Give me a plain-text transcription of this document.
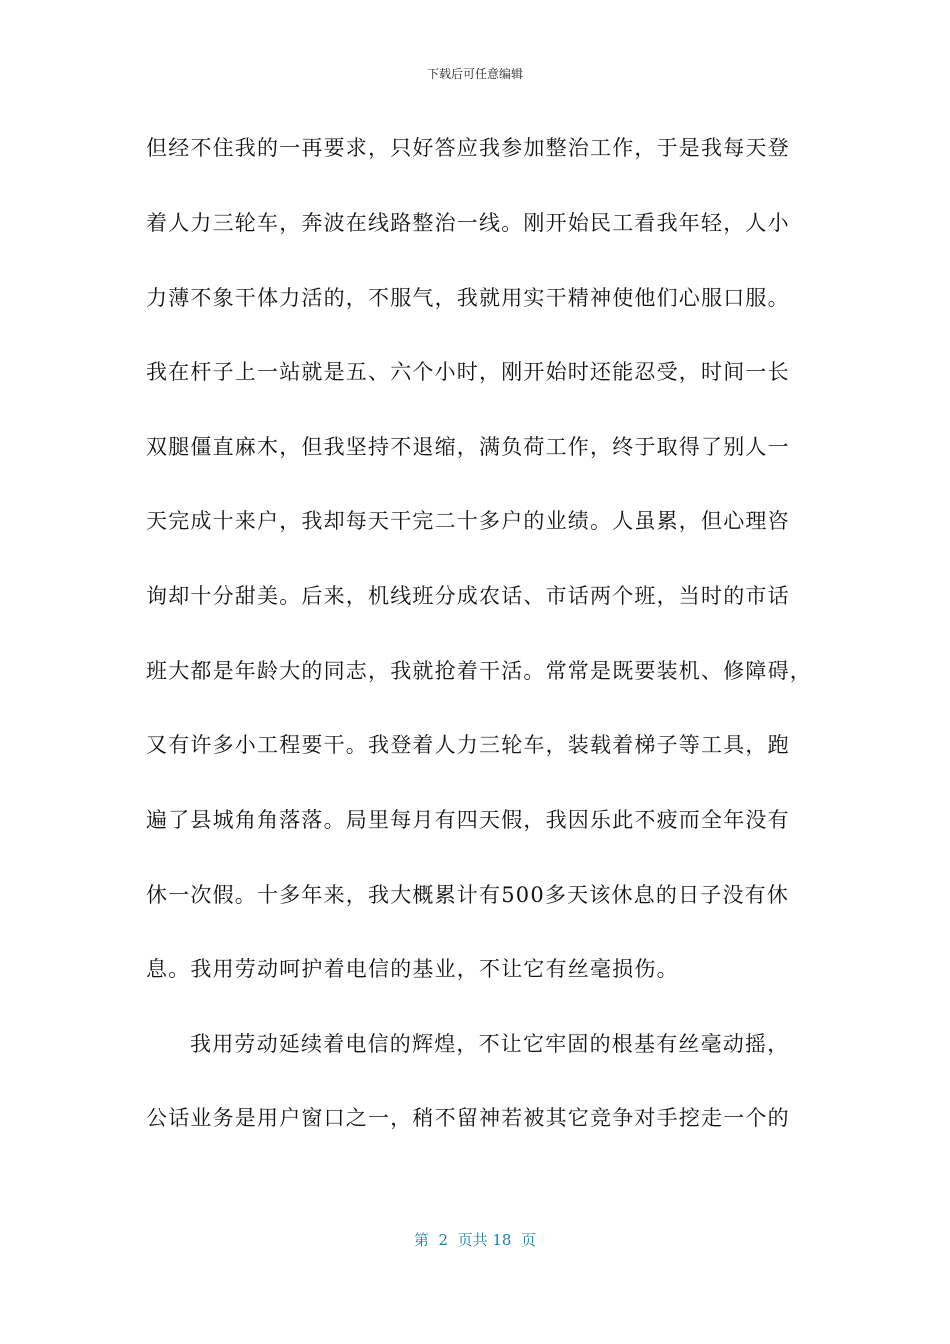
下载后可任意编辑
但经不住我的一再要求，只好答应我参加整治工作，于是我每天登
着人力三轮车，奔波在线路整治一线。刚开始民工看我年轻，人小
力薄不象干体力活的，不服气，我就用实干精神使他们心服口服。
我在杆子上一站就是五、六个小时，刚开始时还能忍受，时间一长
双腿僵直麻木，但我坚持不退缩，满负荷工作，终于取得了别人一
天完成十来户，我却每天干完二十多户的业绩。人虽累，但心理咨
询却十分甜美。后来，机线班分成农话、市话两个班，当时的市话
班大都是年龄大的同志，我就抢着干活。常常是既要装机、修障碍，
又有许多小工程要干。我登着人力三轮车，装载着梯子等工具，跑
遍了县城角角落落。局里每月有四天假，我因乐此不疲而全年没有
休一次假。十多年来，我大概累计有500多天该休息的日子没有休
息。我用劳动呵护着电信的基业，不让它有丝毫损伤。
我用劳动延续着电信的辉煌，不让它牢固的根基有丝毫动摇，
公话业务是用户窗口之一，稍不留神若被其它竞争对手挖走一个的
第  2  页共 18  页
